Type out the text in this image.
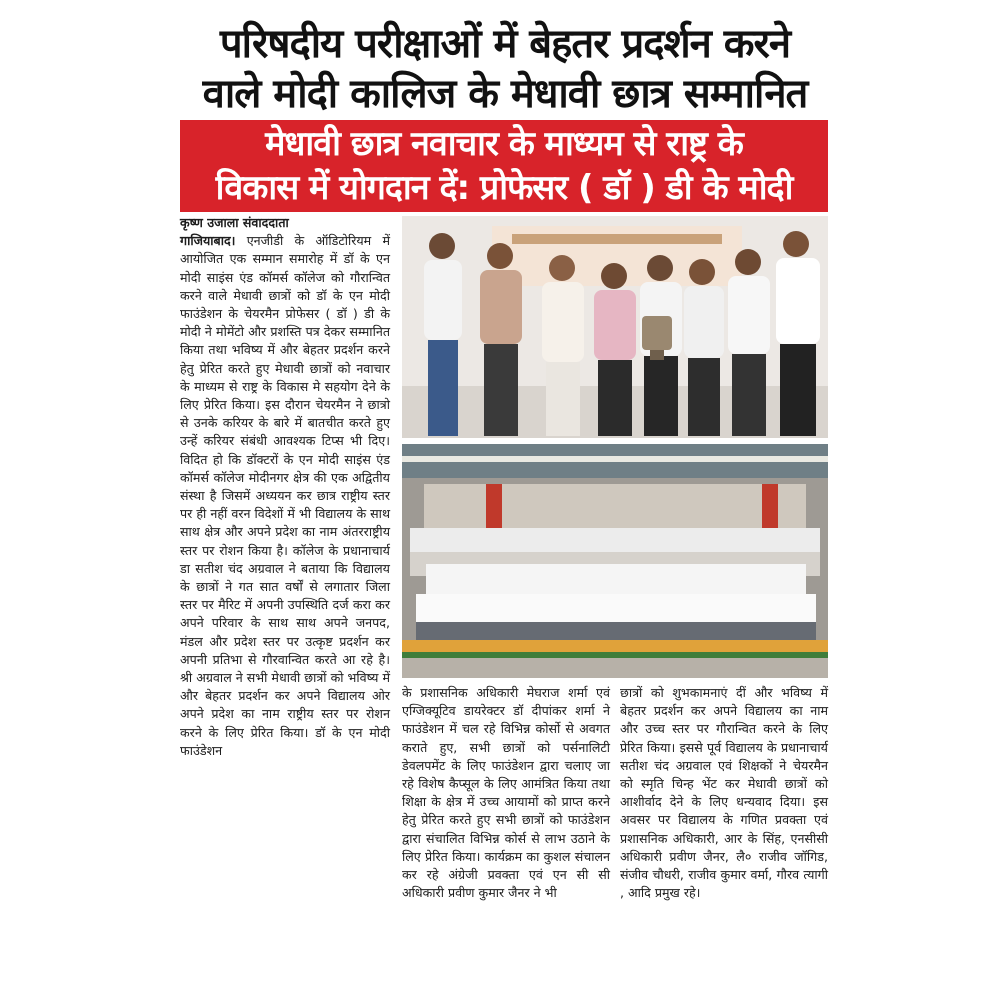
परिषदीय परीक्षाओं में बेहतर प्रदर्शन करने
वाले मोदी कालिज के मेधावी छात्र सम्मानित
मेधावी छात्र नवाचार के माध्यम से राष्ट्र के
विकास में योगदान दें: प्रोफेसर ( डॉ ) डी के मोदी
कृष्ण उजाला संवाददाता
गाजियाबाद। एनजीडी के ऑडिटोरियम में आयोजित एक सम्मान समारोह में डॉ के एन मोदी साइंस एंड कॉमर्स कॉलेज को गौरान्वित करने वाले मेधावी छात्रों को डॉ के एन मोदी फाउंडेशन के चेयरमैन प्रोफेसर ( डॉ ) डी के मोदी ने मोमेंटो और प्रशस्ति पत्र देकर सम्मानित किया तथा भविष्य में और बेहतर प्रदर्शन करने हेतु प्रेरित करते हुए मेधावी छात्रों को नवाचार के माध्यम से राष्ट्र के विकास मे सहयोग देने के लिए प्रेरित किया। इस दौरान चेयरमैन ने छात्रो से उनके करियर के बारे में बातचीत करते हुए उन्हें करियर संबंधी आवश्यक टिप्स भी दिए। विदित हो कि डॉक्टरों के एन मोदी साइंस एंड कॉमर्स कॉलेज मोदीनगर क्षेत्र की एक अद्वितीय संस्था है जिसमें अध्ययन कर छात्र राष्ट्रीय स्तर पर ही नहीं वरन विदेशों में भी विद्यालय के साथ साथ क्षेत्र और अपने प्रदेश का नाम अंतरराष्ट्रीय स्तर पर रोशन किया है। कॉलेज के प्रधानाचार्य डा सतीश चंद अग्रवाल ने बताया कि विद्यालय के छात्रों ने गत सात वर्षों से लगातार जिला स्तर पर मैरिट में अपनी उपस्थिति दर्ज करा कर अपने परिवार के साथ साथ अपने जनपद, मंडल और प्रदेश स्तर पर उत्कृष्ट प्रदर्शन कर अपनी प्रतिभा से गौरवान्वित करते आ रहे है। श्री अग्रवाल ने सभी मेधावी छात्रों को भविष्य में और बेहतर प्रदर्शन कर अपने विद्यालय ओर अपने प्रदेश का नाम राष्ट्रीय स्तर पर रोशन करने के लिए प्रेरित किया। डॉ के एन मोदी फाउंडेशन
के प्रशासनिक अधिकारी मेघराज शर्मा एवं एग्जिक्यूटिव डायरेक्टर डॉ दीपांकर शर्मा ने फाउंडेशन में चल रहे विभिन्न कोर्सो से अवगत कराते हुए, सभी छात्रों को पर्सनालिटी डेवलपमेंट के लिए फाउंडेशन द्वारा चलाए जा रहे विशेष कैप्सूल के लिए आमंत्रित किया तथा शिक्षा के क्षेत्र में उच्च आयामों को प्राप्त करने हेतु प्रेरित करते हुए सभी छात्रों को फाउंडेशन द्वारा संचालित विभिन्न कोर्स से लाभ उठाने के लिए प्रेरित किया। कार्यक्रम का कुशल संचालन कर रहे अंग्रेजी प्रवक्ता एवं एन सी सी अधिकारी प्रवीण कुमार जैनर ने भी
छात्रों को शुभकामनाएं दीं और भविष्य में बेहतर प्रदर्शन कर अपने विद्यालय का नाम और उच्च स्तर पर गौरान्वित करने के लिए प्रेरित किया। इससे पूर्व विद्यालय के प्रधानाचार्य सतीश चंद अग्रवाल एवं शिक्षकों ने चेयरमैन को स्मृति चिन्ह भेंट कर मेधावी छात्रों को आशीर्वाद देने के लिए धन्यवाद दिया। इस अवसर पर विद्यालय के गणित प्रवक्ता एवं प्रशासनिक अधिकारी, आर के सिंह, एनसीसी अधिकारी प्रवीण जैनर, लै० राजीव जॉगिड, संजीव चौधरी, राजीव कुमार वर्मा, गौरव त्यागी , आदि प्रमुख रहे।
